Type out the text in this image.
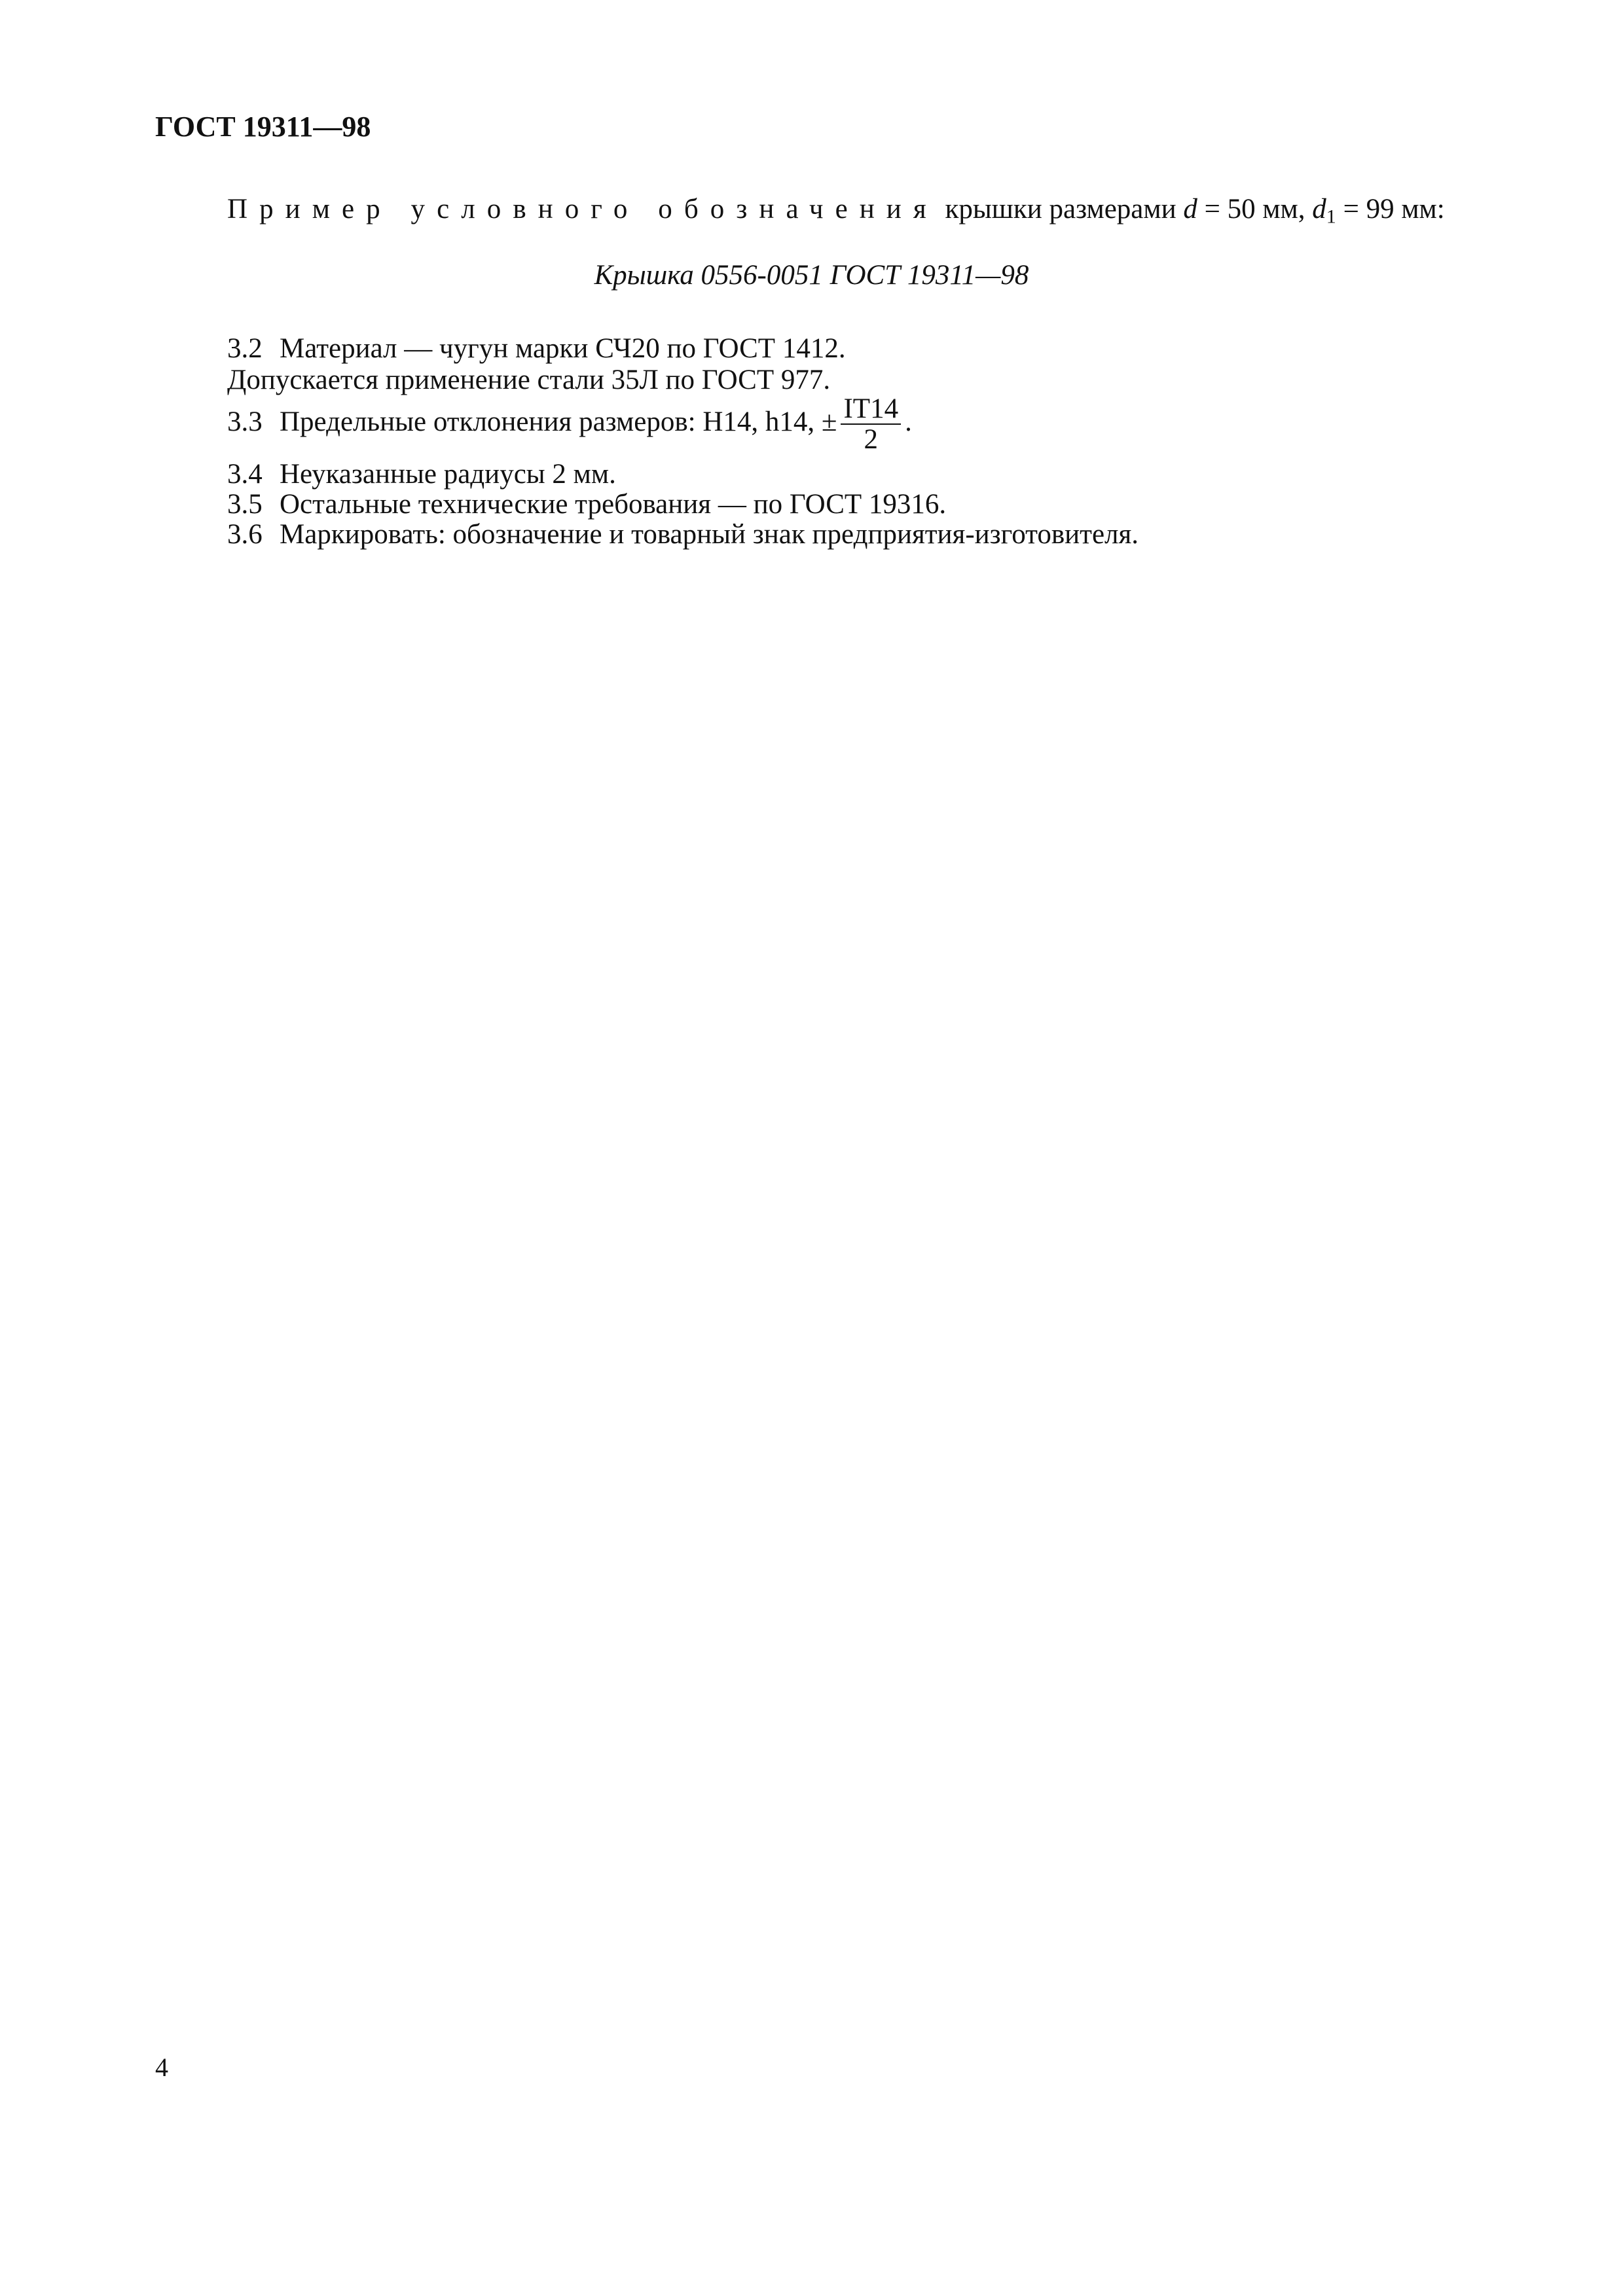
ГОСТ 19311—98
Пример условного обозначения крышки размерами d = 50 мм, $d_1 = 99$ мм:
Крышка 0556-0051 ГОСТ 19311—98
3.2 Материал — чугун марки СЧ20 по ГОСТ 1412.
Допускается применение стали 35Л по ГОСТ 977.
3.3 Предельные отклонения размеров: H14, h14, ± $\frac{IT14}{2}$ .
3.4 Неуказанные радиусы 2 мм.
3.5 Остальные технические требования — по ГОСТ 19316.
3.6 Маркировать: обозначение и товарный знак предприятия-изготовителя.
4
